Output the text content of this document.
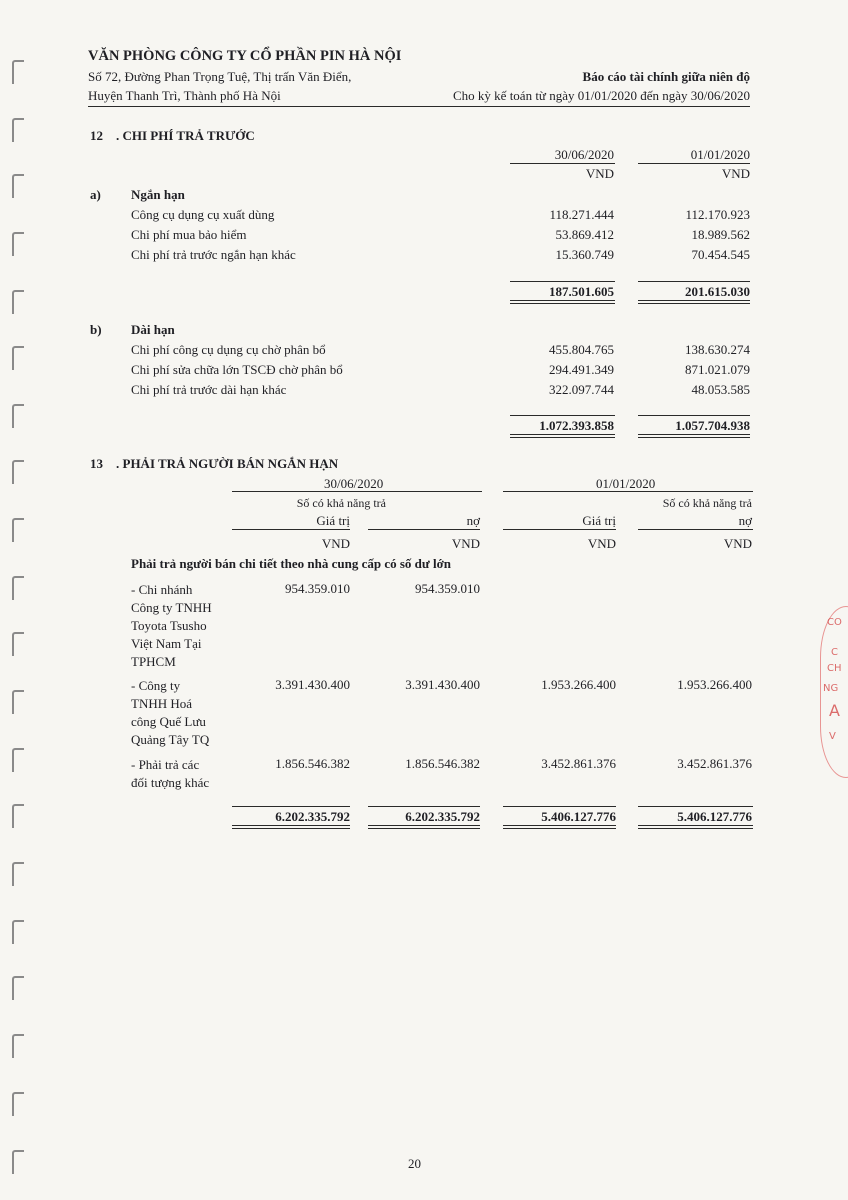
CO
C
CH
NG
A
V
VĂN PHÒNG CÔNG TY CỔ PHẦN PIN HÀ NỘI
Số 72, Đường Phan Trọng Tuệ, Thị trấn Văn Điển,
Huyện Thanh Trì, Thành phố Hà Nội
Báo cáo tài chính giữa niên độ
Cho kỳ kế toán từ ngày 01/01/2020 đến ngày 30/06/2020
12 . CHI PHÍ TRẢ TRƯỚC
30/06/2020	01/01/2020
VND	VND
a) Ngắn hạn
Công cụ dụng cụ xuất dùng	118.271.444	112.170.923
Chi phí mua bảo hiểm	53.869.412	18.989.562
Chi phí trả trước ngắn hạn khác	15.360.749	70.454.545
187.501.605	201.615.030
b) Dài hạn
Chi phí công cụ dụng cụ chờ phân bổ	455.804.765	138.630.274
Chi phí sửa chữa lớn TSCĐ chờ phân bổ	294.491.349	871.021.079
Chi phí trả trước dài hạn khác	322.097.744	48.053.585
1.072.393.858	1.057.704.938
13 . PHẢI TRẢ NGƯỜI BÁN NGẮN HẠN
30/06/2020	01/01/2020
Số có khả năng trả	Số có khả năng trả
Giá trị	nợ	Giá trị	nợ
VND	VND	VND	VND
Phải trả người bán chi tiết theo nhà cung cấp có số dư lớn
- Chi nhánh
Công ty TNHH
Toyota Tsusho
Việt Nam Tại
TPHCM
954.359.010	954.359.010
- Công ty
TNHH Hoá
công Quế Lưu
Quảng Tây TQ
3.391.430.400	3.391.430.400	1.953.266.400	1.953.266.400
- Phải trả các
đối tượng khác
1.856.546.382	1.856.546.382	3.452.861.376	3.452.861.376
6.202.335.792	6.202.335.792	5.406.127.776	5.406.127.776
20
